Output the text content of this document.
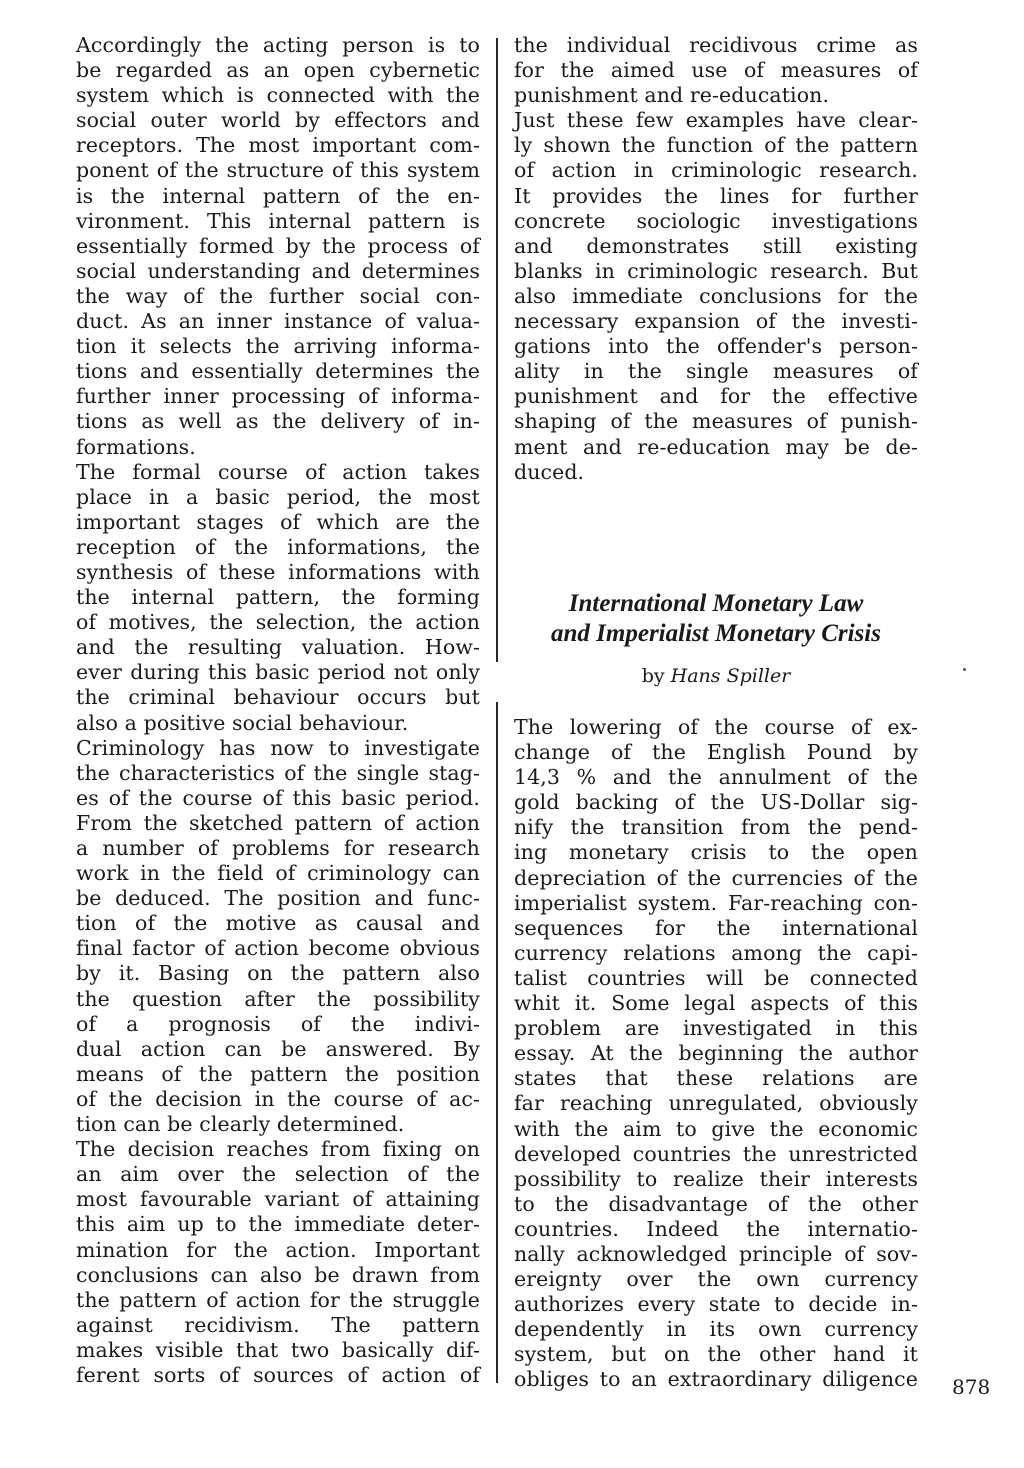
Accordingly the acting person is to
be regarded as an open cybernetic
system which is connected with the
social outer world by effectors and
receptors. The most important com-
ponent of the structure of this system
is the internal pattern of the en-
vironment. This internal pattern is
essentially formed by the process of
social understanding and determines
the way of the further social con-
duct. As an inner instance of valua-
tion it selects the arriving informa-
tions and essentially determines the
further inner processing of informa-
tions as well as the delivery of in-
formations.
The formal course of action takes
place in a basic period, the most
important stages of which are the
reception of the informations, the
synthesis of these informations with
the internal pattern, the forming
of motives, the selection, the action
and the resulting valuation. How-
ever during this basic period not only
the criminal behaviour occurs but
also a positive social behaviour.
Criminology has now to investigate
the characteristics of the single stag-
es of the course of this basic period.
From the sketched pattern of action
a number of problems for research
work in the field of criminology can
be deduced. The position and func-
tion of the motive as causal and
final factor of action become obvious
by it. Basing on the pattern also
the question after the possibility
of a prognosis of the indivi-
dual action can be answered. By
means of the pattern the position
of the decision in the course of ac-
tion can be clearly determined.
The decision reaches from fixing on
an aim over the selection of the
most favourable variant of attaining
this aim up to the immediate deter-
mination for the action. Important
conclusions can also be drawn from
the pattern of action for the struggle
against recidivism. The pattern
makes visible that two basically dif-
ferent sorts of sources of action of
the individual recidivous crime as
for the aimed use of measures of
punishment and re-education.
Just these few examples have clear-
ly shown the function of the pattern
of action in criminologic research.
It provides the lines for further
concrete sociologic investigations
and demonstrates still existing
blanks in criminologic research. But
also immediate conclusions for the
necessary expansion of the investi-
gations into the offender's person-
ality in the single measures of
punishment and for the effective
shaping of the measures of punish-
ment and re-education may be de-
duced.
International Monetary Law
and Imperialist Monetary Crisis
by Hans Spiller
The lowering of the course of ex-
change of the English Pound by
14,3 % and the annulment of the
gold backing of the US-Dollar sig-
nify the transition from the pend-
ing monetary crisis to the open
depreciation of the currencies of the
imperialist system. Far-reaching con-
sequences for the international
currency relations among the capi-
talist countries will be connected
whit it. Some legal aspects of this
problem are investigated in this
essay. At the beginning the author
states that these relations are
far reaching unregulated, obviously
with the aim to give the economic
developed countries the unrestricted
possibility to realize their interests
to the disadvantage of the other
countries. Indeed the internatio-
nally acknowledged principle of sov-
ereignty over the own currency
authorizes every state to decide in-
dependently in its own currency
system, but on the other hand it
obliges to an extraordinary diligence 878
